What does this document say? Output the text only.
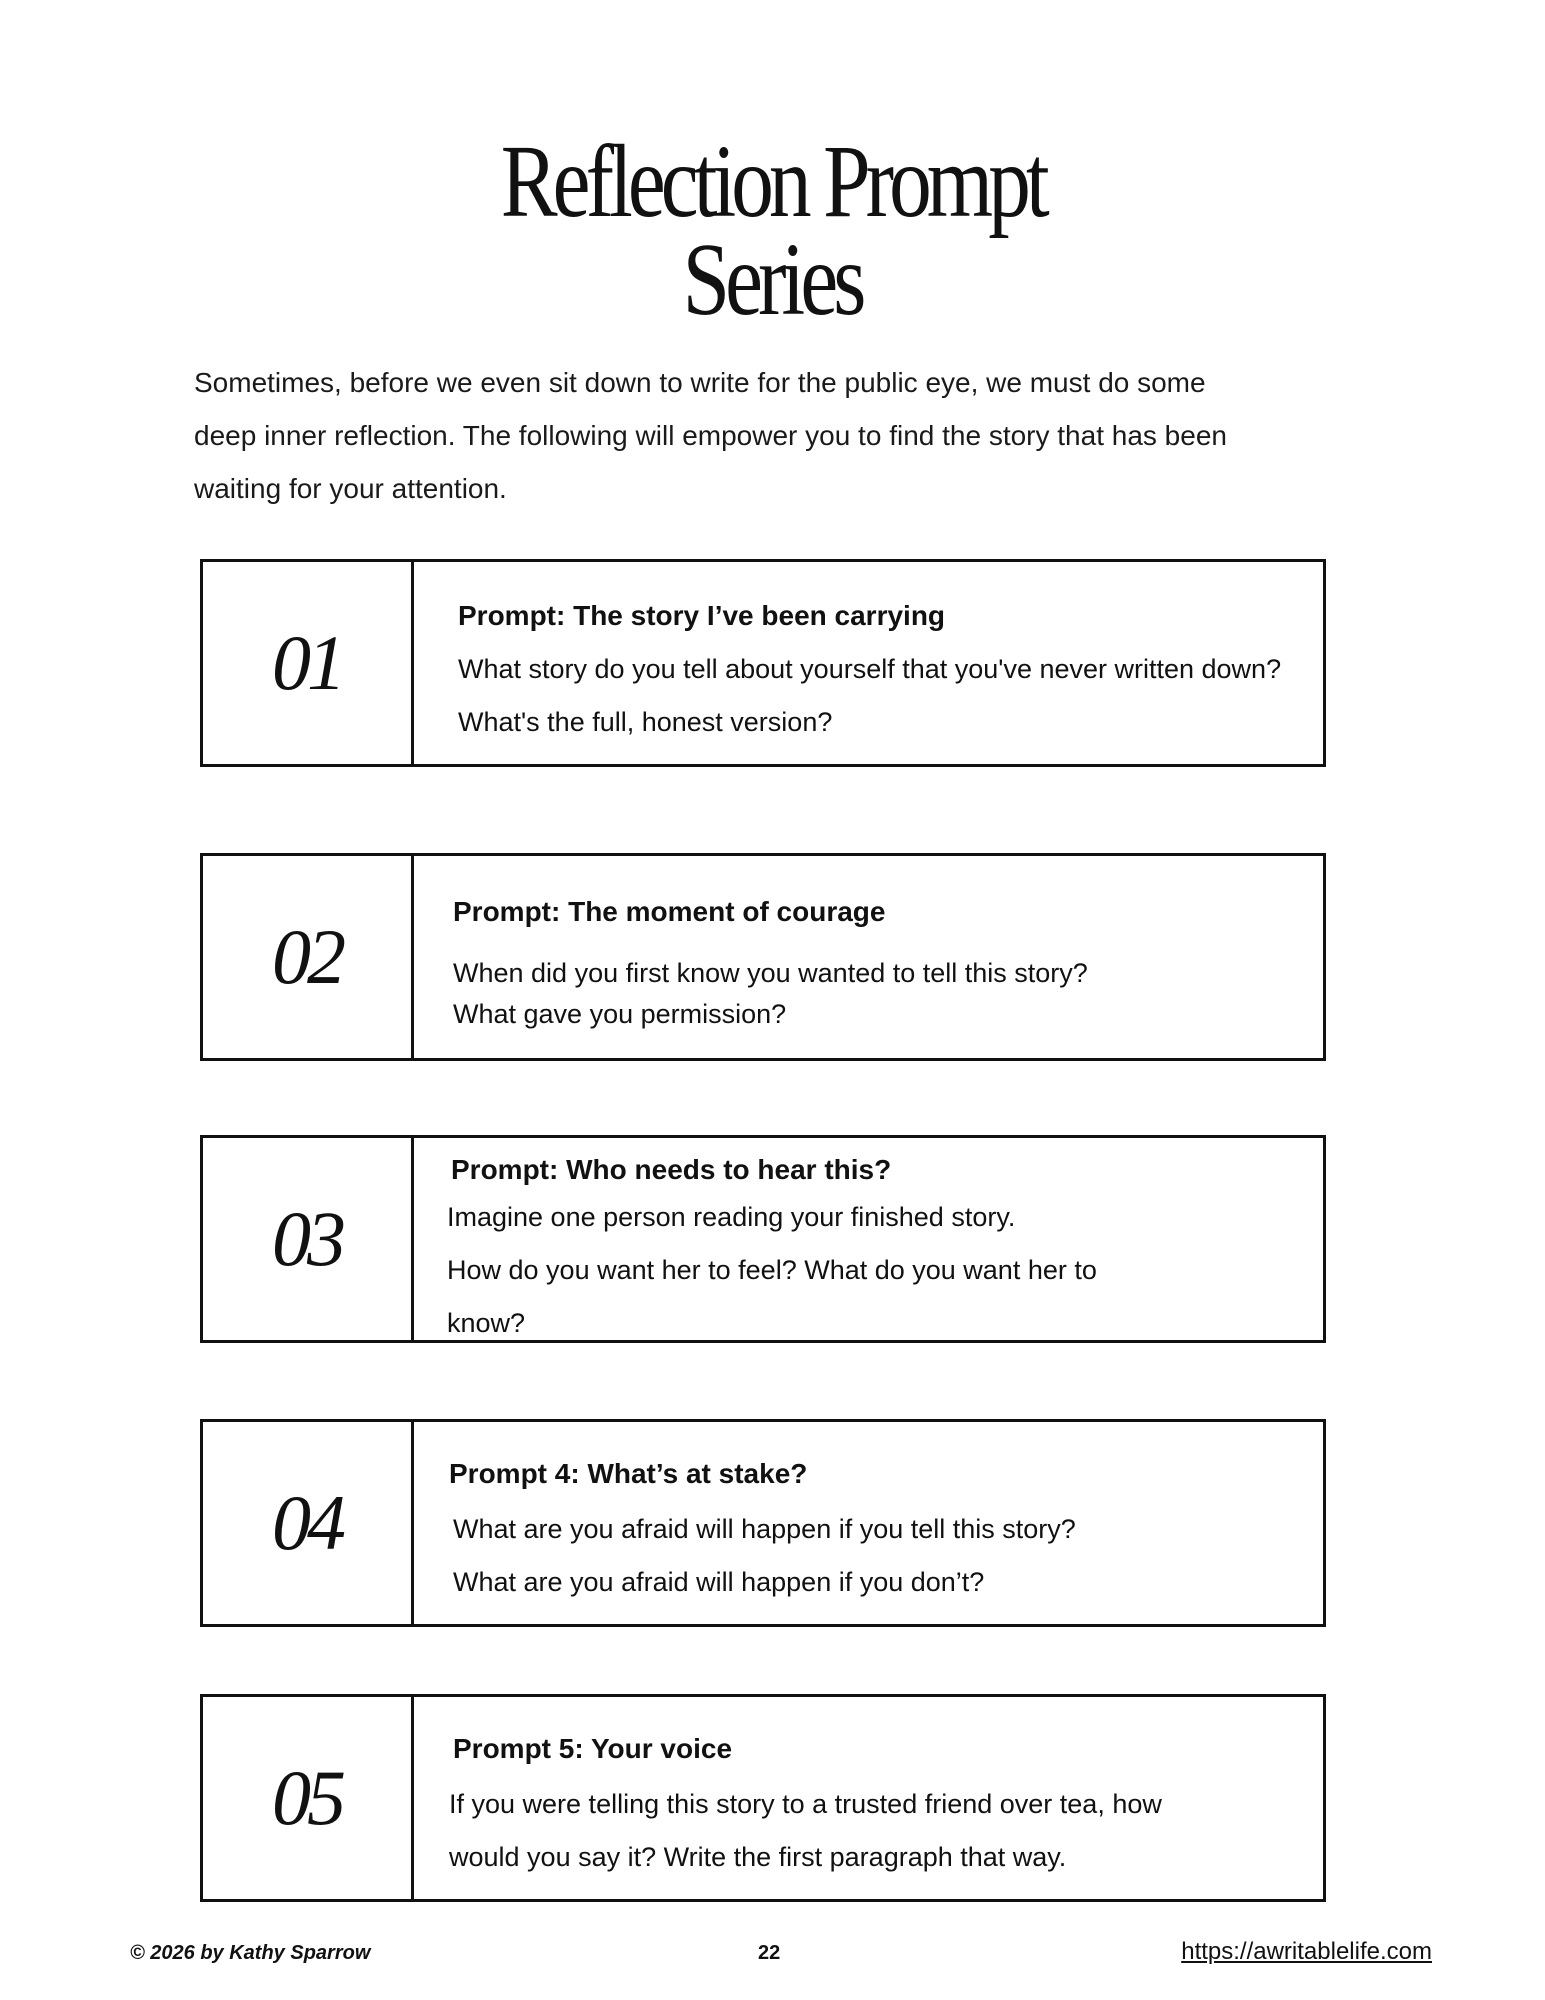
Reflection Prompt
Series
Sometimes, before we even sit down to write for the public eye, we must do some
deep inner reflection. The following will empower you to find the story that has been
waiting for your attention.
01
Prompt: The story I’ve been carrying

What story do you tell about yourself that you've never written down?

What's the full, honest version?

02
Prompt: The moment of courage

When did you first know you wanted to tell this story?

What gave you permission?

03
Prompt: Who needs to hear this?

Imagine one person reading your finished story.

How do you want her to feel? What do you want her to

know?

04
Prompt 4: What’s at stake?

What are you afraid will happen if you tell this story?

What are you afraid will happen if you don’t?

05
Prompt 5: Your voice

If you were telling this story to a trusted friend over tea, how

would you say it? Write the first paragraph that way.

© 2026 by Kathy Sparrow	22	https://awritablelife.com
